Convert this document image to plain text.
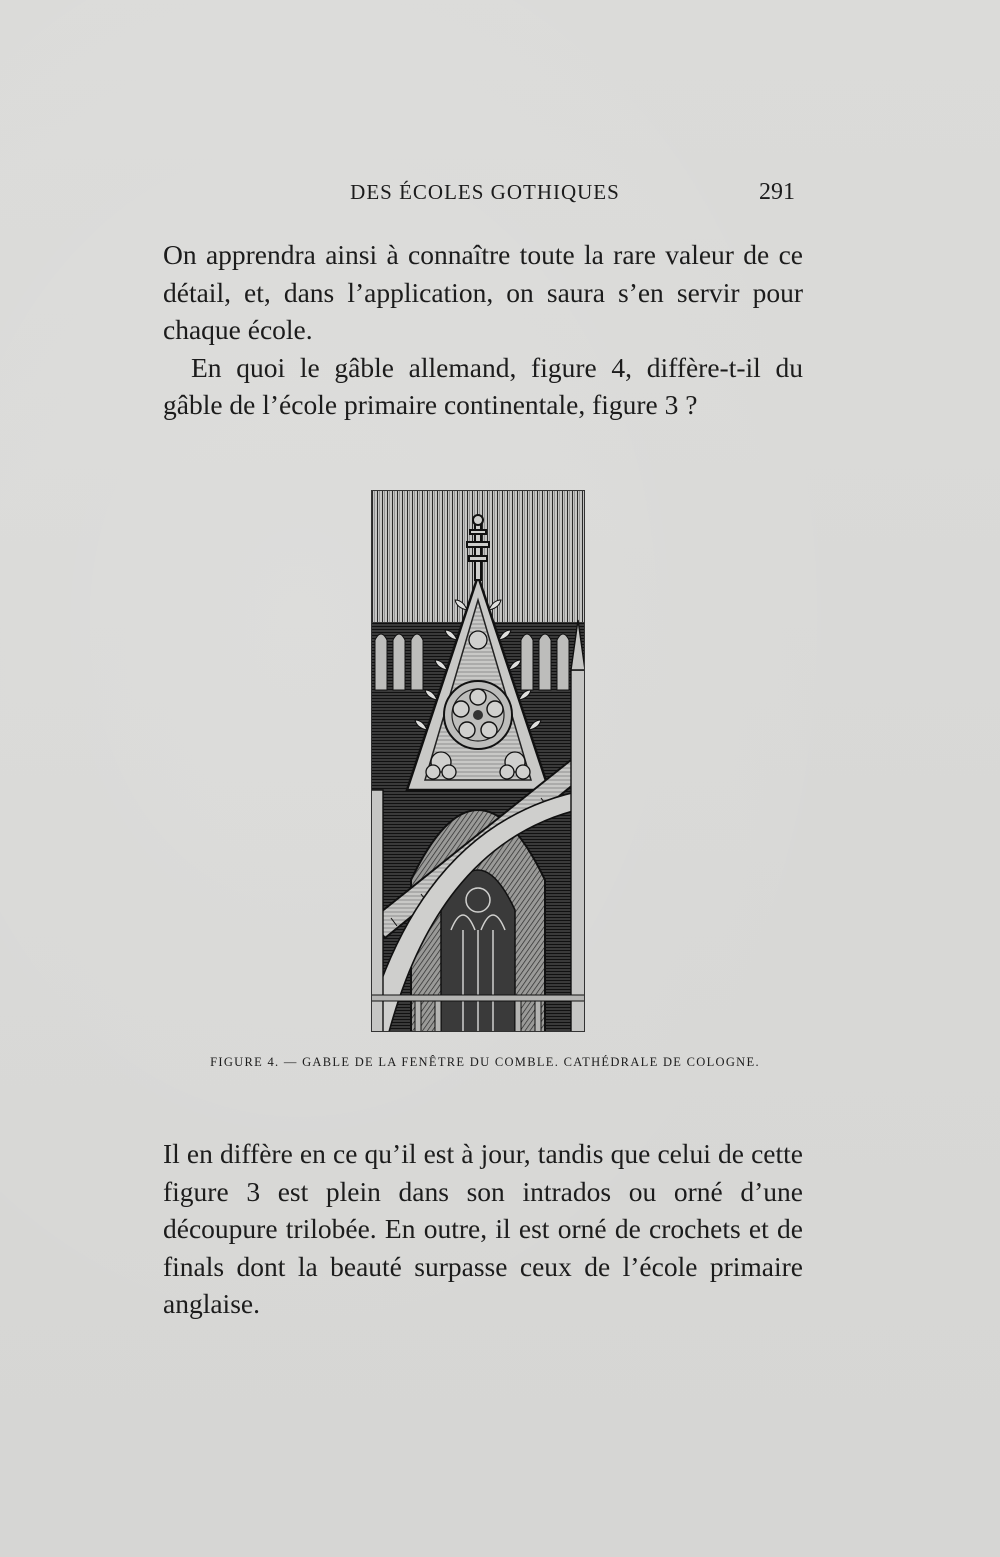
DES ÉCOLES GOTHIQUES	291
On apprendra ainsi à connaître toute la rare valeur de ce détail, et, dans l’application, on saura s’en servir pour chaque école.
En quoi le gâble allemand, figure 4, diffère-t-il du gâble de l’école primaire continentale, figure 3 ?
FIGURE 4. — GABLE DE LA FENÊTRE DU COMBLE. CATHÉDRALE DE COLOGNE.
Il en diffère en ce qu’il est à jour, tandis que celui de cette figure 3 est plein dans son intrados ou orné d’une découpure trilobée. En outre, il est orné de crochets et de finals dont la beauté surpasse ceux de l’école primaire anglaise.
